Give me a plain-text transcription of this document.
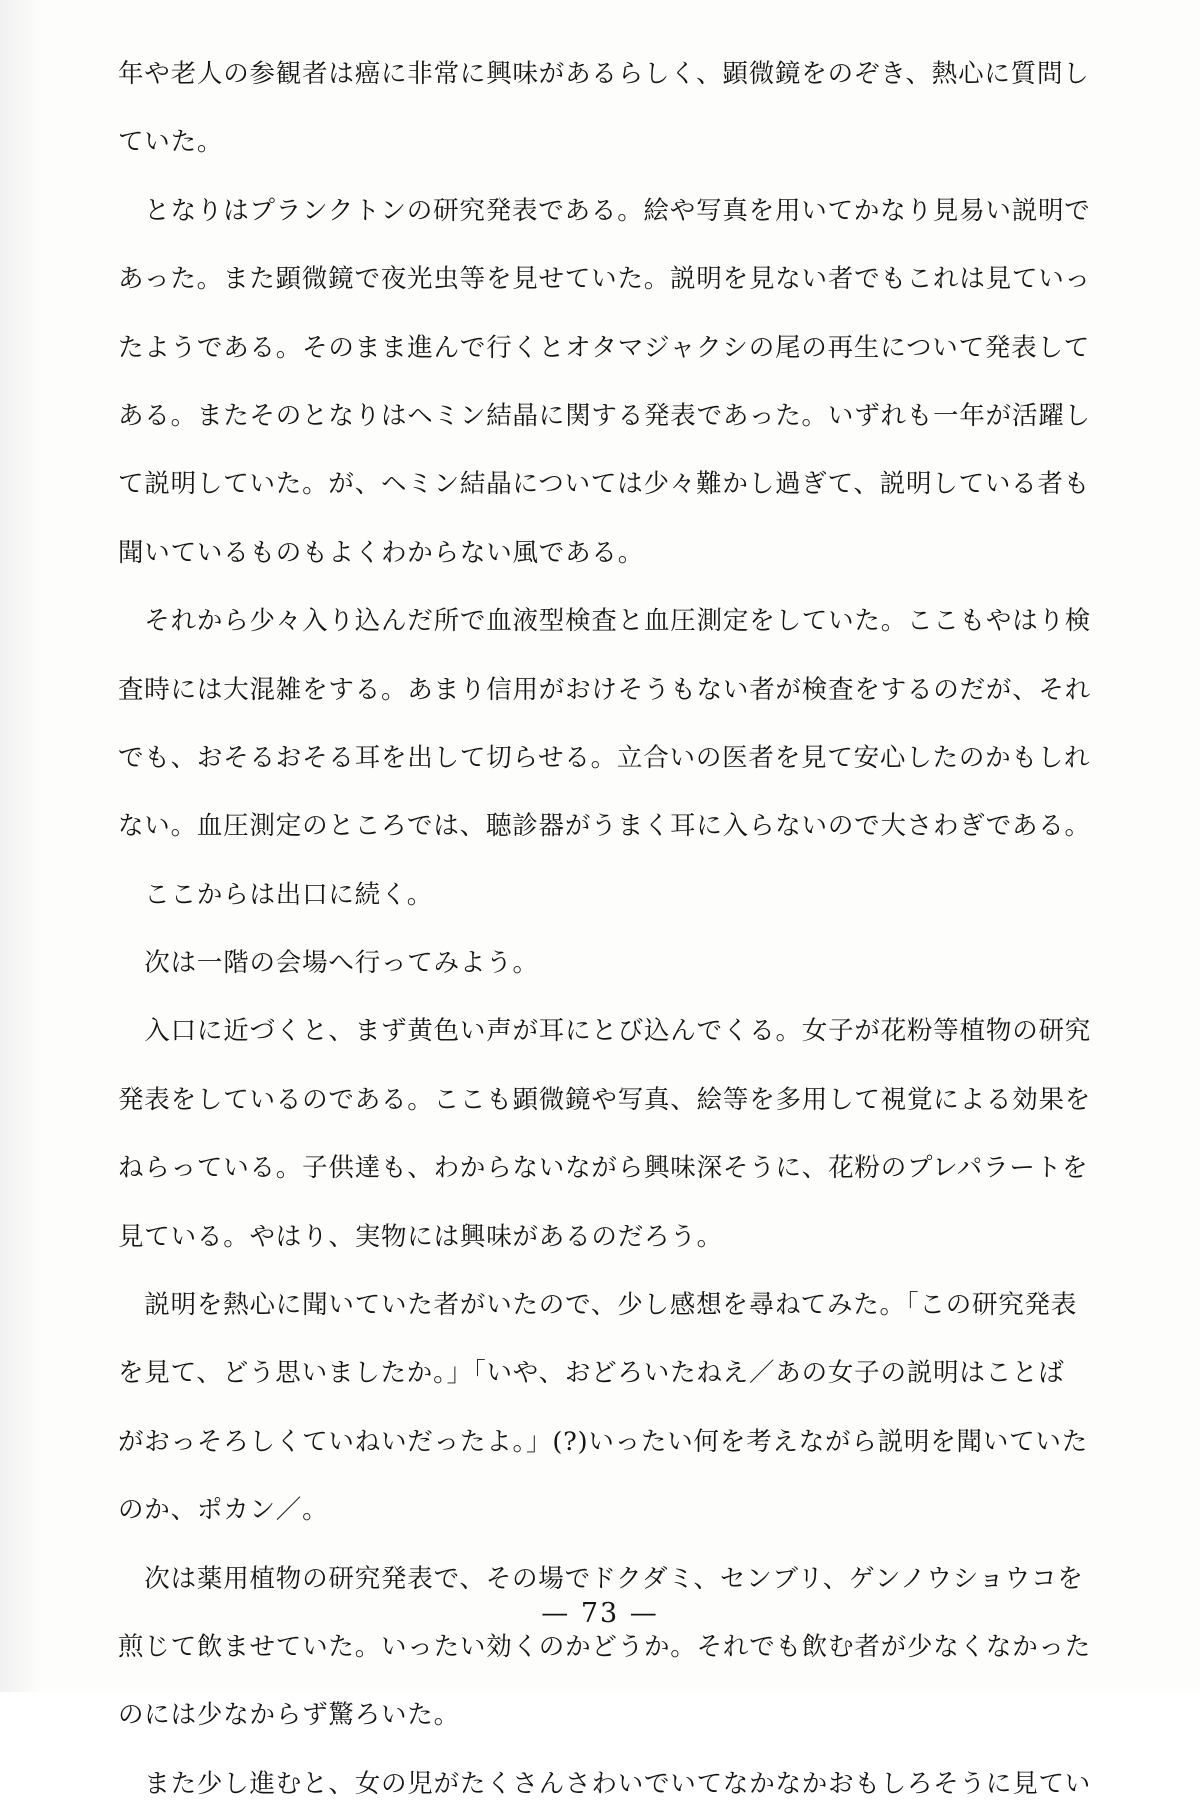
年や老人の参観者は癌に非常に興味があるらしく、顕微鏡をのぞき、熱心に質問し
ていた。
　となりはプランクトンの研究発表である。絵や写真を用いてかなり見易い説明で
あった。また顕微鏡で夜光虫等を見せていた。説明を見ない者でもこれは見ていっ
たようである。そのまま進んで行くとオタマジャクシの尾の再生について発表して
ある。またそのとなりはヘミン結晶に関する発表であった。いずれも一年が活躍し
て説明していた。が、ヘミン結晶については少々難かし過ぎて、説明している者も
聞いているものもよくわからない風である。
　それから少々入り込んだ所で血液型検査と血圧測定をしていた。ここもやはり検
査時には大混雑をする。あまり信用がおけそうもない者が検査をするのだが、それ
でも、おそるおそる耳を出して切らせる。立合いの医者を見て安心したのかもしれ
ない。血圧測定のところでは、聴診器がうまく耳に入らないので大さわぎである。
　ここからは出口に続く。
　次は一階の会場へ行ってみよう。
　入口に近づくと、まず黄色い声が耳にとび込んでくる。女子が花粉等植物の研究
発表をしているのである。ここも顕微鏡や写真、絵等を多用して視覚による効果を
ねらっている。子供達も、わからないながら興味深そうに、花粉のプレパラートを
見ている。やはり、実物には興味があるのだろう。
　説明を熱心に聞いていた者がいたので、少し感想を尋ねてみた。「この研究発表
を見て、どう思いましたか。」「いや、おどろいたねえ／あの女子の説明はことば
がおっそろしくていねいだったよ。」(?)いったい何を考えながら説明を聞いていた
のか、ポカン／。
　次は薬用植物の研究発表で、その場でドクダミ、センブリ、ゲンノウショウコを
煎じて飲ませていた。いったい効くのかどうか。それでも飲む者が少なくなかった
のには少なからず驚ろいた。
　また少し進むと、女の児がたくさんさわいでいてなかなかおもしろそうに見てい
— 73 —
